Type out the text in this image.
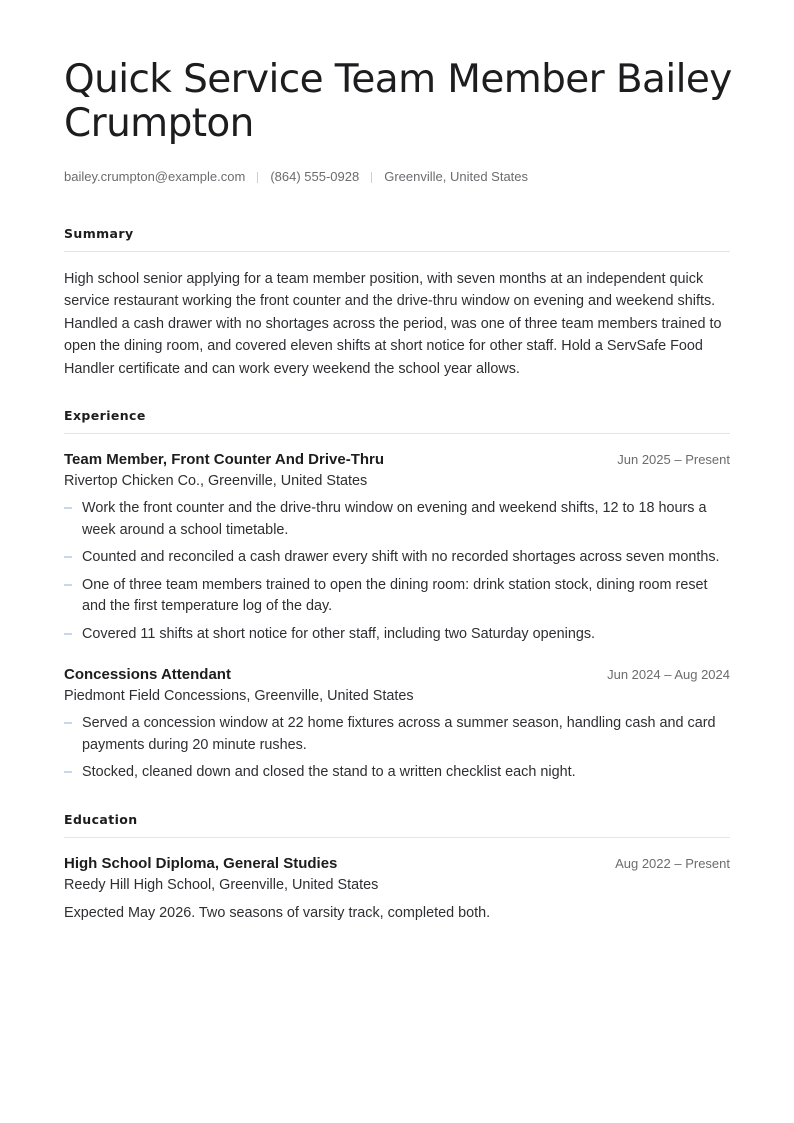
Quick Service Team Member Bailey Crumpton
bailey.crumpton@example.com (864) 555-0928 Greenville, United States
Summary

High school senior applying for a team member position, with seven months at an independent quick service restaurant working the front counter and the drive-thru window on evening and weekend shifts. Handled a cash drawer with no shortages across the period, was one of three team members trained to open the dining room, and covered eleven shifts at short notice for other staff. Hold a ServSafe Food Handler certificate and can work every weekend the school year allows.

Experience
Team Member, Front Counter And Drive-Thru	Jun 2025 – Present
Rivertop Chicken Co., Greenville, United States
– Work the front counter and the drive-thru window on evening and weekend shifts, 12 to 18 hours a week around a school timetable.
– Counted and reconciled a cash drawer every shift with no recorded shortages across seven months.
– One of three team members trained to open the dining room: drink station stock, dining room reset and the first temperature log of the day.
– Covered 11 shifts at short notice for other staff, including two Saturday openings.
Concessions Attendant	Jun 2024 – Aug 2024
Piedmont Field Concessions, Greenville, United States
– Served a concession window at 22 home fixtures across a summer season, handling cash and card payments during 20 minute rushes.
– Stocked, cleaned down and closed the stand to a written checklist each night.
Education
High School Diploma, General Studies	Aug 2022 – Present
Reedy Hill High School, Greenville, United States
Expected May 2026. Two seasons of varsity track, completed both.
